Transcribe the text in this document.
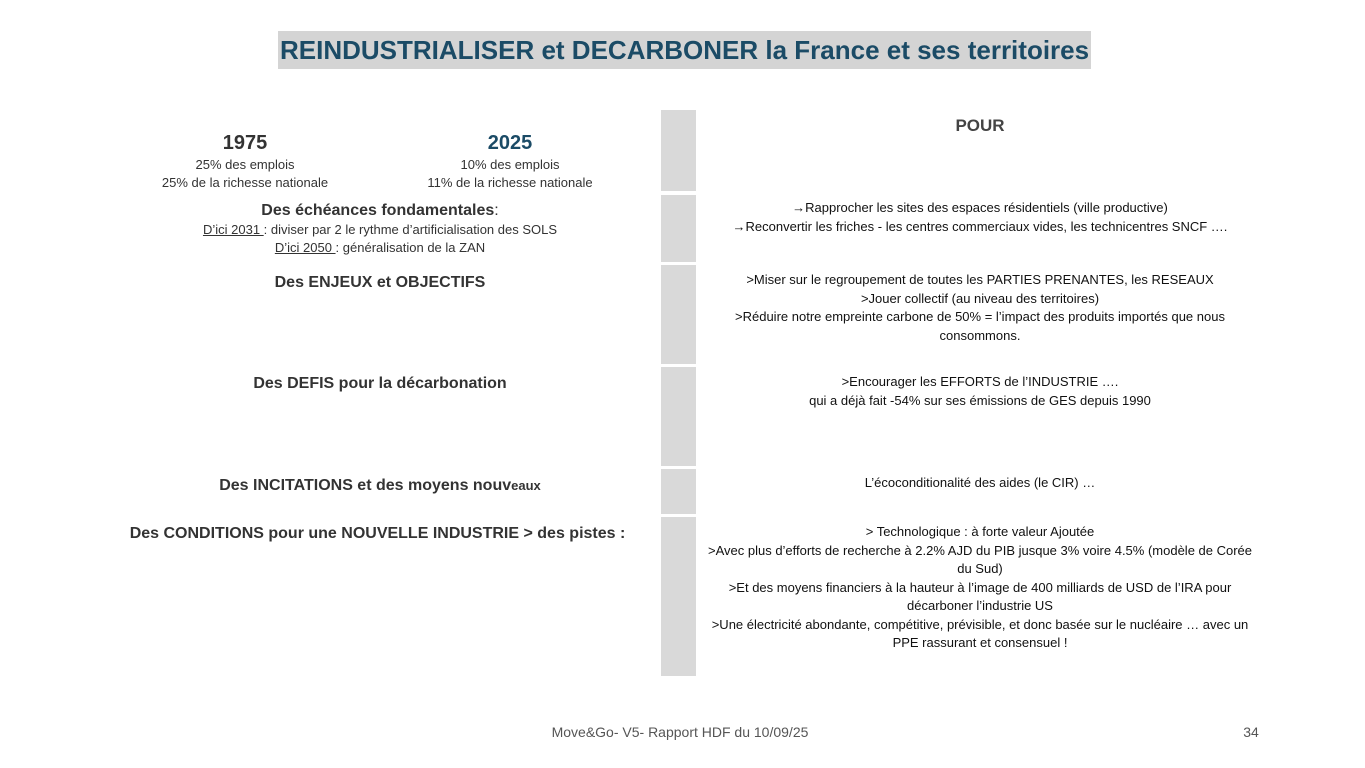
REINDUSTRIALISER et DECARBONER la France et ses territoires
1975
25% des emplois
25% de la richesse nationale
2025
10% des emplois
11% de la richesse nationale
Des échéances fondamentales:
D’ici 2031 : diviser par 2 le rythme d’artificialisation des SOLS
D’ici 2050 : généralisation de la ZAN
Des ENJEUX et OBJECTIFS
Des DEFIS pour la décarbonation
Des INCITATIONS et des moyens nouveaux
Des CONDITIONS pour une NOUVELLE INDUSTRIE > des pistes :
POUR

→Rapprocher les sites des espaces résidentiels (ville productive)

→Reconvertir les friches - les centres commerciaux vides, les technicentres SNCF ….

>Miser sur le regroupement de toutes les PARTIES PRENANTES, les RESEAUX

>Jouer collectif (au niveau des territoires)

>Réduire notre empreinte carbone de 50% = l’impact des produits importés que nous consommons.

>Encourager les EFFORTS de l’INDUSTRIE ….

qui a déjà fait -54% sur ses émissions de GES depuis 1990

L’écoconditionalité des aides (le CIR) …

> Technologique : à forte valeur Ajoutée

>Avec plus d’efforts de recherche à 2.2% AJD du PIB jusque 3% voire 4.5% (modèle de Corée du Sud)

>Et des moyens financiers à la hauteur à l’image de 400 milliards de USD de l’IRA pour décarboner l’industrie US

>Une électricité abondante, compétitive, prévisible, et donc basée sur le nucléaire … avec un PPE rassurant et consensuel !

Move&Go- V5- Rapport HDF du 10/09/25	34
